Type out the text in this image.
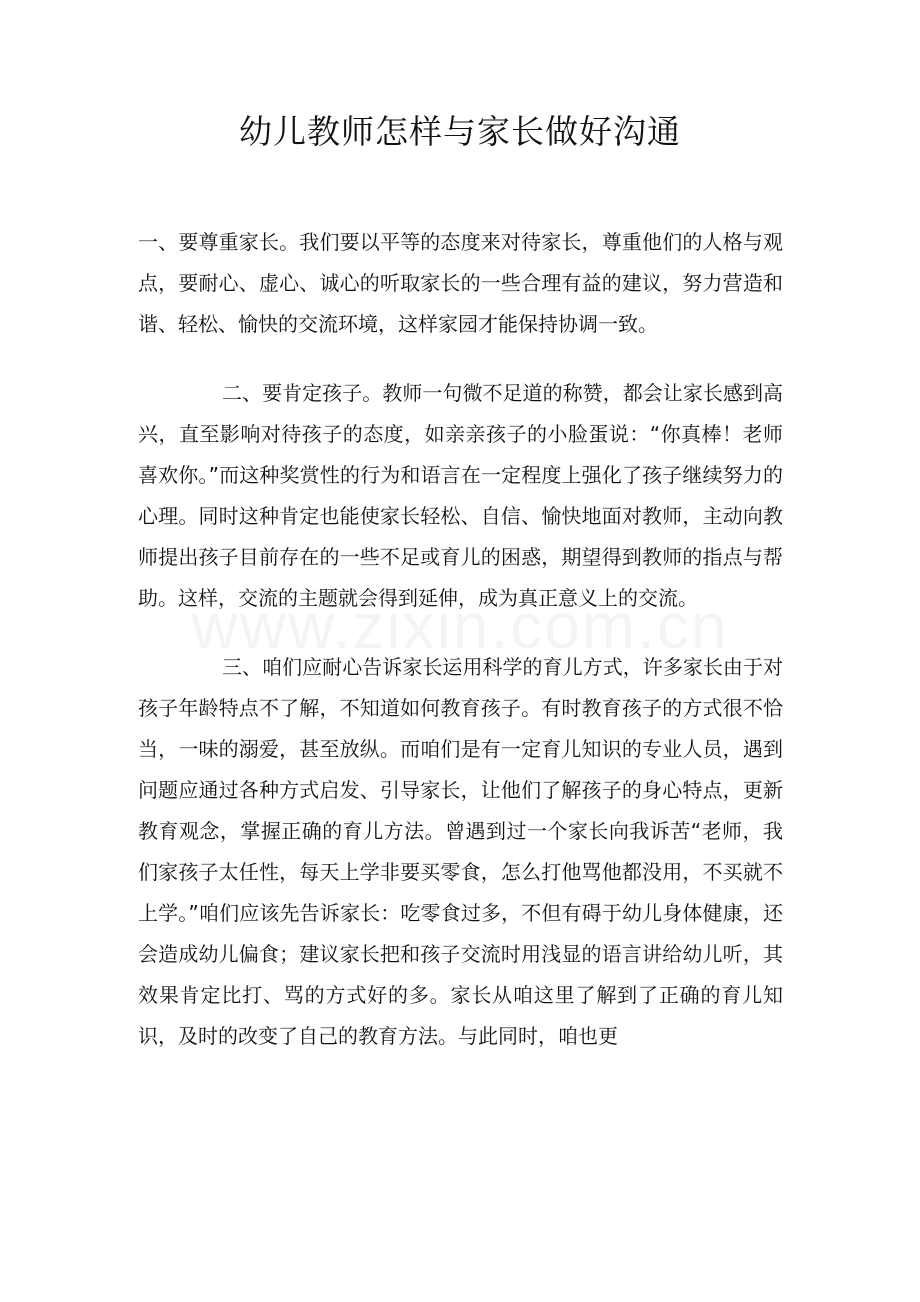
幼儿教师怎样与家长做好沟通

一、要尊重家长。我们要以平等的态度来对待家长，尊重他们的人格与观点，要耐心、虚心、诚心的听取家长的一些合理有益的建议，努力营造和谐、轻松、愉快的交流环境，这样家园才能保持协调一致。

二、要肯定孩子。教师一句微不足道的称赞，都会让家长感到高兴，直至影响对待孩子的态度，如亲亲孩子的小脸蛋说：“你真棒！老师喜欢你。”而这种奖赏性的行为和语言在一定程度上强化了孩子继续努力的心理。同时这种肯定也能使家长轻松、自信、愉快地面对教师，主动向教师提出孩子目前存在的一些不足或育儿的困惑，期望得到教师的指点与帮助。这样，交流的主题就会得到延伸，成为真正意义上的交流。

三、咱们应耐心告诉家长运用科学的育儿方式，许多家长由于对孩子年龄特点不了解，不知道如何教育孩子。有时教育孩子的方式很不恰当，一味的溺爱，甚至放纵。而咱们是有一定育儿知识的专业人员，遇到问题应通过各种方式启发、引导家长，让他们了解孩子的身心特点，更新教育观念，掌握正确的育儿方法。曾遇到过一个家长向我诉苦“老师，我们家孩子太任性，每天上学非要买零食，怎么打他骂他都没用，不买就不上学。”咱们应该先告诉家长：吃零食过多，不但有碍于幼儿身体健康，还会造成幼儿偏食；建议家长把和孩子交流时用浅显的语言讲给幼儿听，其效果肯定比打、骂的方式好的多。家长从咱这里了解到了正确的育儿知识，及时的改变了自己的教育方法。与此同时，咱也更
